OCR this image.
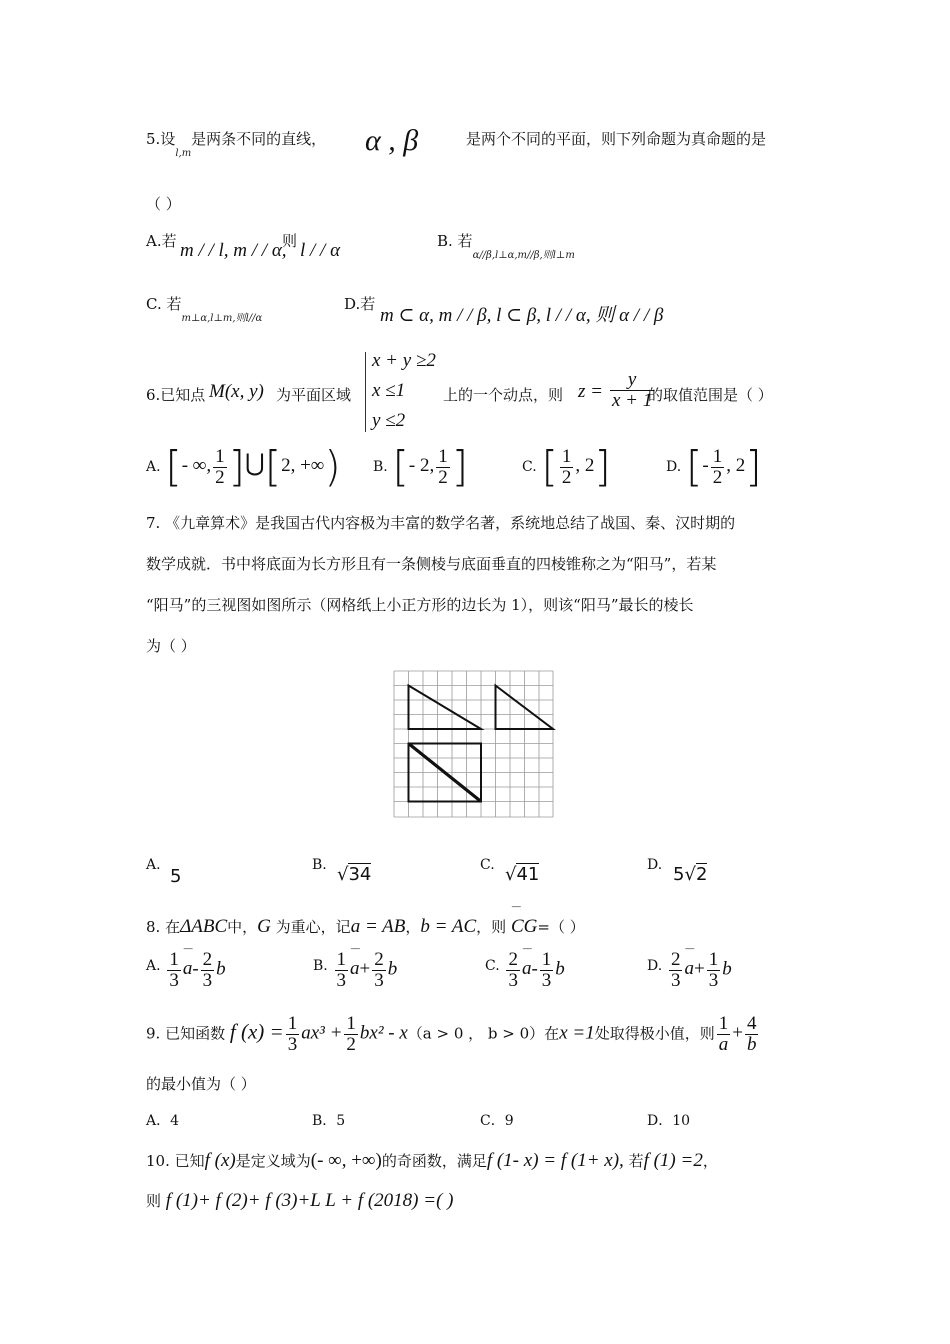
5.设$_{l,m}$是两条不同的直线， α , β	是两个不同的平面，则下列命题为真命题的是
（ ）
A.若 m / / l, m / / α,
则 l / / α	B. 若$_{\alpha//\beta,l\perp\alpha,m//\beta,则l\perp m}$
C. 若$_{m\perp\alpha,l\perp m,则l//\alpha}$
D.若
m ⊂ α, m / / β, l ⊂ β, l / / α, 则 α / / β
6.已知点 M(x, y) 为平面区域
x + y ≥2
x ≤1
y ≤2
上的一个动点，则 $z = \frac{y}{x + 1}$
的取值范围是（ ）
A. [- ∞, $\frac{1}{2}$ ]⋃[2, +∞) B. [- 2, $\frac{1}{2}$ ]	C. [ $\frac{1}{2}$ , 2]	D. [- $\frac{1}{2}$ , 2]
7. 《九章算术》是我国古代内容极为丰富的数学名著，系统地总结了战国、秦、汉时期的
数学成就．书中将底面为长方形且有一条侧棱与底面垂直的四棱锥称之为“阳马”，若某
“阳马”的三视图如图所示（网格纸上小正方形的边长为 1），则该“阳马”最长的棱长
为（ ）
A.
5
B. √34	C. √41	D. 5√2
8. 在ΔABC中，G 为重心，记a = AB，b = AC，则 ⁻⁻ CG=（ ）
A. $\frac{1}{3}$ ⁻⁻ $a- \frac{2}{3}$ b	B. $\frac{1}{3}$ ⁻⁻ $a+ \frac{2}{3}$ b	C. $\frac{2}{3}$ ⁻⁻ $a- \frac{1}{3}$ b	D. $\frac{2}{3}$ ⁻⁻ $a+ \frac{1}{3}$ b
9. 已知函数 f $(x) = \frac{1}{3} ax^3 + \frac{1}{2} bx^2 - x(a > 0$ ， b > 0）在x =1处取得极小值，则 $\frac{1}{a} + \frac{4}{b}$
的最小值为（ ）
A．4	B．5	C．9	D．10
10. 已知f (x)是定义域为(- ∞, +∞)的奇函数，满足f (1- x) = f (1+ x), 若f (1) =2，
则 f (1)+ f (2)+ f (3)+L L + f (2018) =( )
